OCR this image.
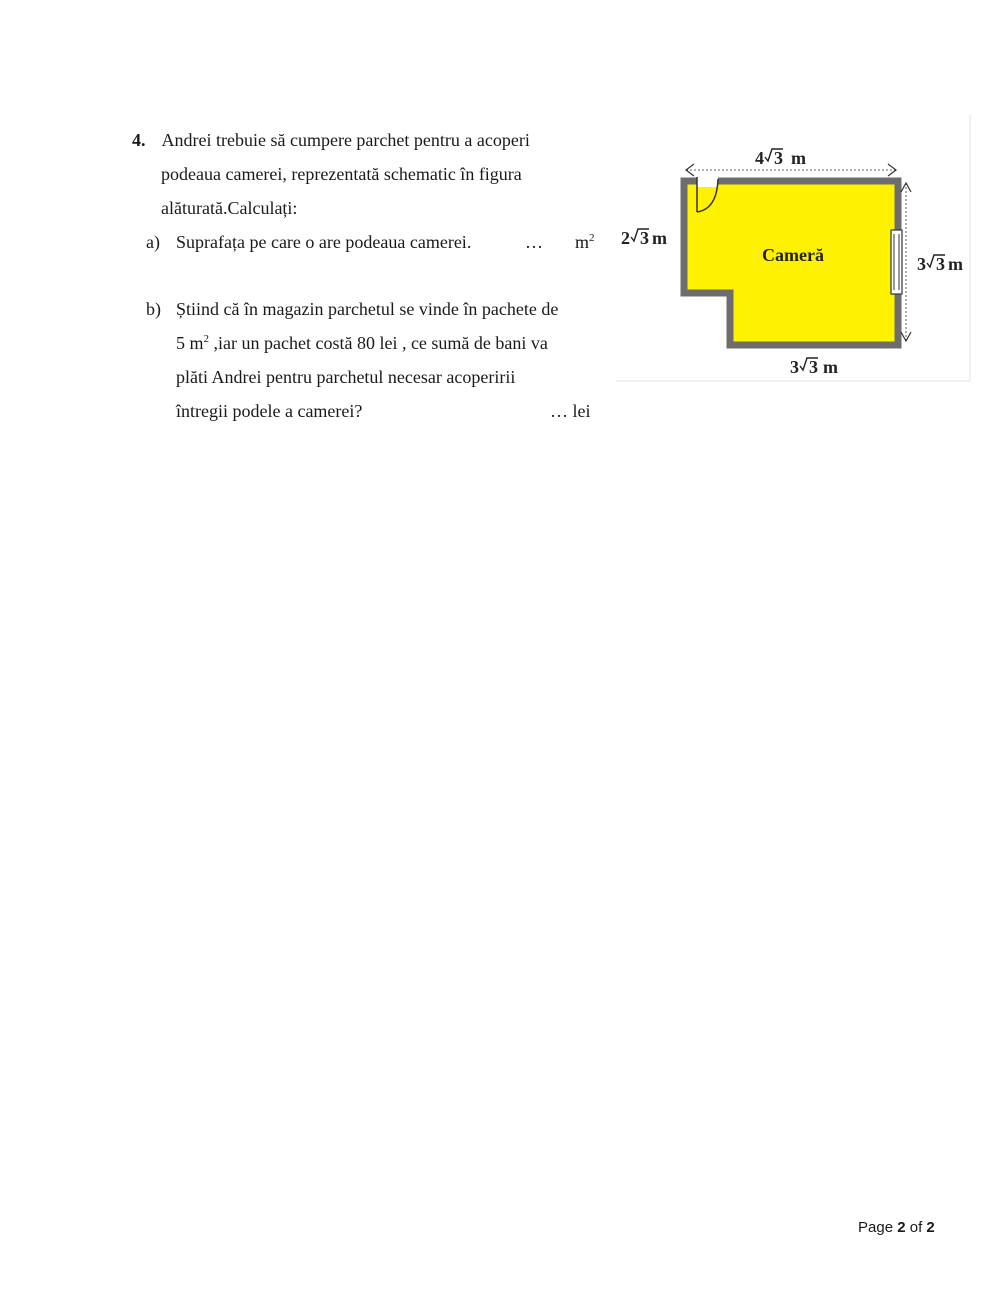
4. Andrei trebuie să cumpere parchet pentru a acoperi
podeaua camerei, reprezentată schematic în figura
alăturată.Calculați:
a) Suprafața pe care o are podeaua camerei.	… $m^2$
b) Știind că în magazin parchetul se vinde în pachete de
5 $m^2$ ,iar un pachet costă 80 lei , ce sumă de bani va
plăti Andrei pentru parchetul necesar acoperirii
întregii podele a camerei?	… lei
Cameră
4 3 m
2 3 m
3 3 m
3 3 m
Page 2 of 2
